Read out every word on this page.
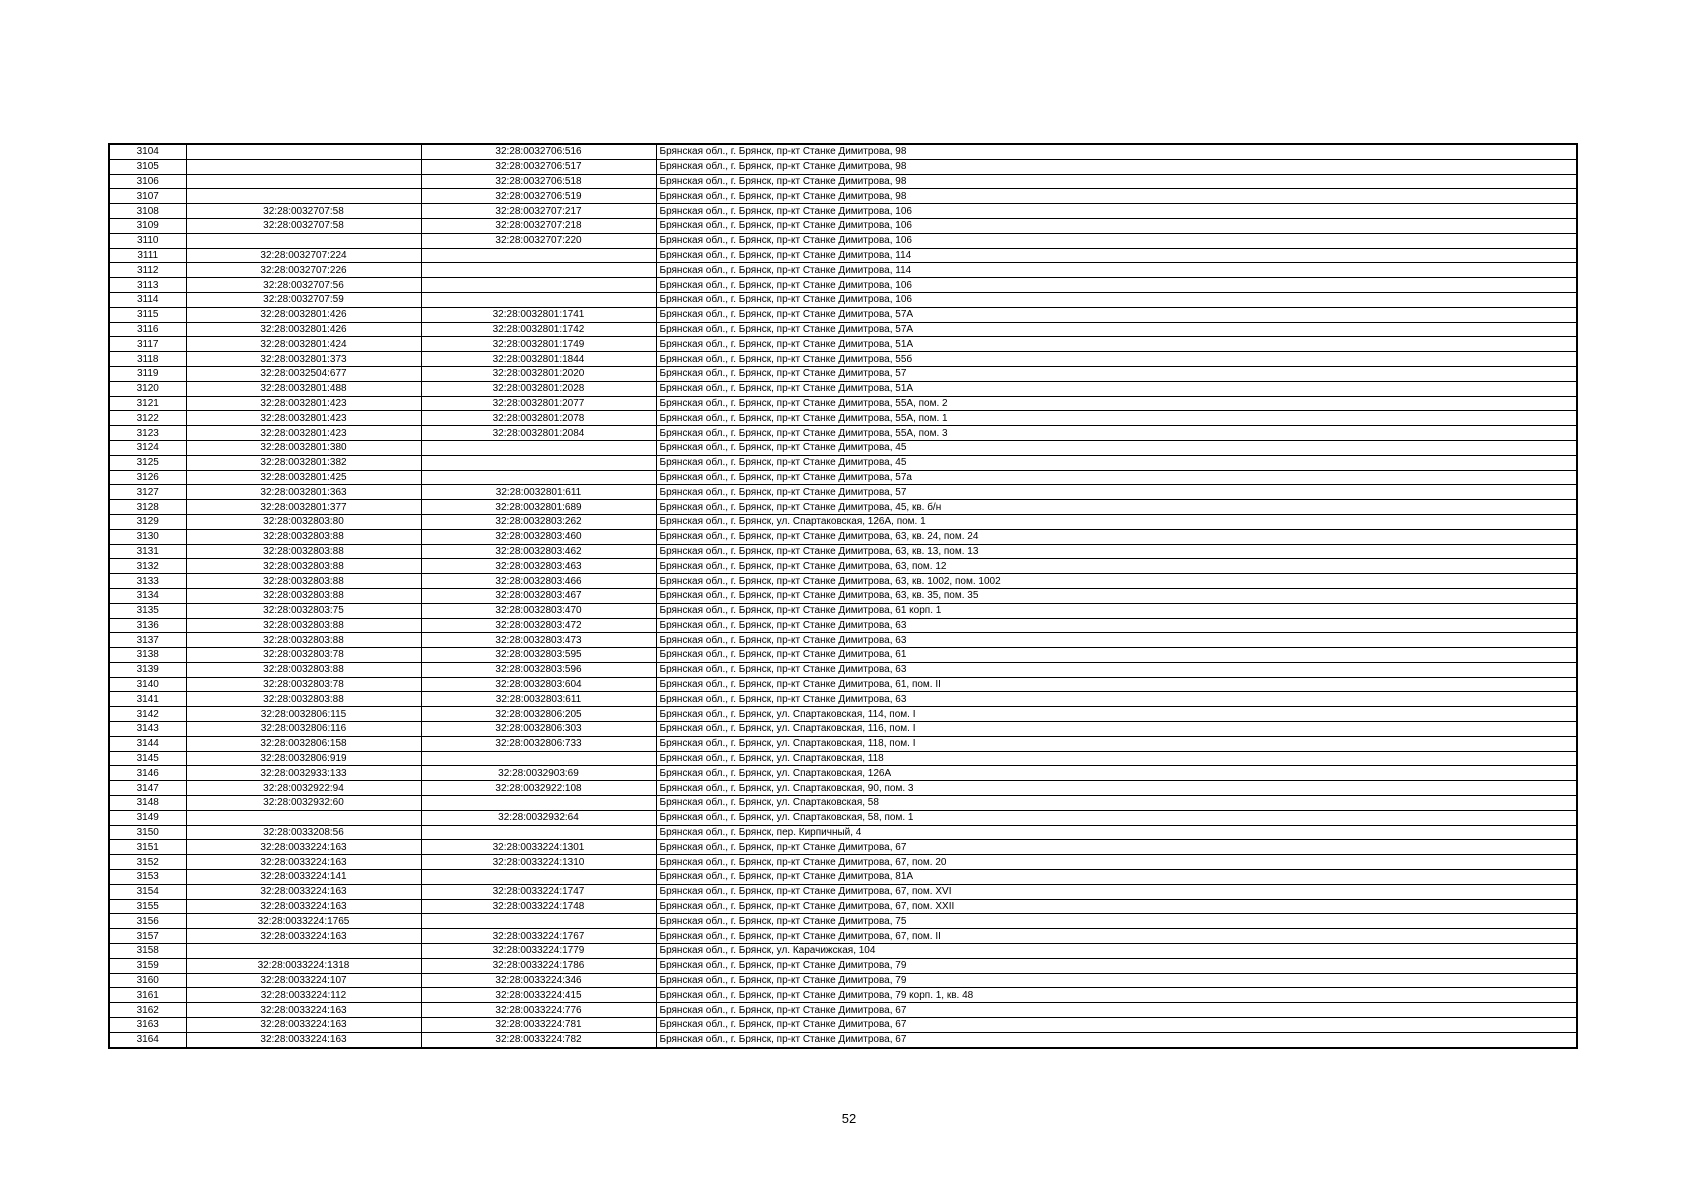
3104		32:28:0032706:516	Брянская обл., г. Брянск, пр-кт Станке Димитрова, 98
3105		32:28:0032706:517	Брянская обл., г. Брянск, пр-кт Станке Димитрова, 98
3106		32:28:0032706:518	Брянская обл., г. Брянск, пр-кт Станке Димитрова, 98
3107		32:28:0032706:519	Брянская обл., г. Брянск, пр-кт Станке Димитрова, 98
3108	32:28:0032707:58	32:28:0032707:217	Брянская обл., г. Брянск, пр-кт Станке Димитрова, 106
3109	32:28:0032707:58	32:28:0032707:218	Брянская обл., г. Брянск, пр-кт Станке Димитрова, 106
3110		32:28:0032707:220	Брянская обл., г. Брянск, пр-кт Станке Димитрова, 106
3111	32:28:0032707:224		Брянская обл., г. Брянск, пр-кт Станке Димитрова, 114
3112	32:28:0032707:226		Брянская обл., г. Брянск, пр-кт Станке Димитрова, 114
3113	32:28:0032707:56		Брянская обл., г. Брянск, пр-кт Станке Димитрова, 106
3114	32:28:0032707:59		Брянская обл., г. Брянск, пр-кт Станке Димитрова, 106
3115	32:28:0032801:426	32:28:0032801:1741	Брянская обл., г. Брянск, пр-кт Станке Димитрова, 57А
3116	32:28:0032801:426	32:28:0032801:1742	Брянская обл., г. Брянск, пр-кт Станке Димитрова, 57А
3117	32:28:0032801:424	32:28:0032801:1749	Брянская обл., г. Брянск, пр-кт Станке Димитрова, 51А
3118	32:28:0032801:373	32:28:0032801:1844	Брянская обл., г. Брянск, пр-кт Станке Димитрова, 55б
3119	32:28:0032504:677	32:28:0032801:2020	Брянская обл., г. Брянск, пр-кт Станке Димитрова, 57
3120	32:28:0032801:488	32:28:0032801:2028	Брянская обл., г. Брянск, пр-кт Станке Димитрова, 51А
3121	32:28:0032801:423	32:28:0032801:2077	Брянская обл., г. Брянск, пр-кт Станке Димитрова, 55А, пом. 2
3122	32:28:0032801:423	32:28:0032801:2078	Брянская обл., г. Брянск, пр-кт Станке Димитрова, 55А, пом. 1
3123	32:28:0032801:423	32:28:0032801:2084	Брянская обл., г. Брянск, пр-кт Станке Димитрова, 55А, пом. 3
3124	32:28:0032801:380		Брянская обл., г. Брянск, пр-кт Станке Димитрова, 45
3125	32:28:0032801:382		Брянская обл., г. Брянск, пр-кт Станке Димитрова, 45
3126	32:28:0032801:425		Брянская обл., г. Брянск, пр-кт Станке Димитрова, 57а
3127	32:28:0032801:363	32:28:0032801:611	Брянская обл., г. Брянск, пр-кт Станке Димитрова, 57
3128	32:28:0032801:377	32:28:0032801:689	Брянская обл., г. Брянск, пр-кт Станке Димитрова, 45, кв. б/н
3129	32:28:0032803:80	32:28:0032803:262	Брянская обл., г. Брянск, ул. Спартаковская, 126А, пом. 1
3130	32:28:0032803:88	32:28:0032803:460	Брянская обл., г. Брянск, пр-кт Станке Димитрова, 63, кв. 24, пом. 24
3131	32:28:0032803:88	32:28:0032803:462	Брянская обл., г. Брянск, пр-кт Станке Димитрова, 63, кв. 13, пом. 13
3132	32:28:0032803:88	32:28:0032803:463	Брянская обл., г. Брянск, пр-кт Станке Димитрова, 63, пом. 12
3133	32:28:0032803:88	32:28:0032803:466	Брянская обл., г. Брянск, пр-кт Станке Димитрова, 63, кв. 1002, пом. 1002
3134	32:28:0032803:88	32:28:0032803:467	Брянская обл., г. Брянск, пр-кт Станке Димитрова, 63, кв. 35, пом. 35
3135	32:28:0032803:75	32:28:0032803:470	Брянская обл., г. Брянск, пр-кт Станке Димитрова, 61 корп. 1
3136	32:28:0032803:88	32:28:0032803:472	Брянская обл., г. Брянск, пр-кт Станке Димитрова, 63
3137	32:28:0032803:88	32:28:0032803:473	Брянская обл., г. Брянск, пр-кт Станке Димитрова, 63
3138	32:28:0032803:78	32:28:0032803:595	Брянская обл., г. Брянск, пр-кт Станке Димитрова, 61
3139	32:28:0032803:88	32:28:0032803:596	Брянская обл., г. Брянск, пр-кт Станке Димитрова, 63
3140	32:28:0032803:78	32:28:0032803:604	Брянская обл., г. Брянск, пр-кт Станке Димитрова, 61, пом. II
3141	32:28:0032803:88	32:28:0032803:611	Брянская обл., г. Брянск, пр-кт Станке Димитрова, 63
3142	32:28:0032806:115	32:28:0032806:205	Брянская обл., г. Брянск, ул. Спартаковская, 114, пом. I
3143	32:28:0032806:116	32:28:0032806:303	Брянская обл., г. Брянск, ул. Спартаковская, 116, пом. I
3144	32:28:0032806:158	32:28:0032806:733	Брянская обл., г. Брянск, ул. Спартаковская, 118, пом. I
3145	32:28:0032806:919		Брянская обл., г. Брянск, ул. Спартаковская, 118
3146	32:28:0032933:133	32:28:0032903:69	Брянская обл., г. Брянск, ул. Спартаковская, 126А
3147	32:28:0032922:94	32:28:0032922:108	Брянская обл., г. Брянск, ул. Спартаковская, 90, пом. 3
3148	32:28:0032932:60		Брянская обл., г. Брянск, ул. Спартаковская, 58
3149		32:28:0032932:64	Брянская обл., г. Брянск, ул. Спартаковская, 58, пом. 1
3150	32:28:0033208:56		Брянская обл., г. Брянск, пер. Кирпичный, 4
3151	32:28:0033224:163	32:28:0033224:1301	Брянская обл., г. Брянск, пр-кт Станке Димитрова, 67
3152	32:28:0033224:163	32:28:0033224:1310	Брянская обл., г. Брянск, пр-кт Станке Димитрова, 67, пом. 20
3153	32:28:0033224:141		Брянская обл., г. Брянск, пр-кт Станке Димитрова, 81А
3154	32:28:0033224:163	32:28:0033224:1747	Брянская обл., г. Брянск, пр-кт Станке Димитрова, 67, пом. XVI
3155	32:28:0033224:163	32:28:0033224:1748	Брянская обл., г. Брянск, пр-кт Станке Димитрова, 67, пом. XXII
3156	32:28:0033224:1765		Брянская обл., г. Брянск, пр-кт Станке Димитрова, 75
3157	32:28:0033224:163	32:28:0033224:1767	Брянская обл., г. Брянск, пр-кт Станке Димитрова, 67, пом. II
3158		32:28:0033224:1779	Брянская обл., г. Брянск, ул. Карачижская, 104
3159	32:28:0033224:1318	32:28:0033224:1786	Брянская обл., г. Брянск, пр-кт Станке Димитрова, 79
3160	32:28:0033224:107	32:28:0033224:346	Брянская обл., г. Брянск, пр-кт Станке Димитрова, 79
3161	32:28:0033224:112	32:28:0033224:415	Брянская обл., г. Брянск, пр-кт Станке Димитрова, 79 корп. 1, кв. 48
3162	32:28:0033224:163	32:28:0033224:776	Брянская обл., г. Брянск, пр-кт Станке Димитрова, 67
3163	32:28:0033224:163	32:28:0033224:781	Брянская обл., г. Брянск, пр-кт Станке Димитрова, 67
3164	32:28:0033224:163	32:28:0033224:782	Брянская обл., г. Брянск, пр-кт Станке Димитрова, 67
52
